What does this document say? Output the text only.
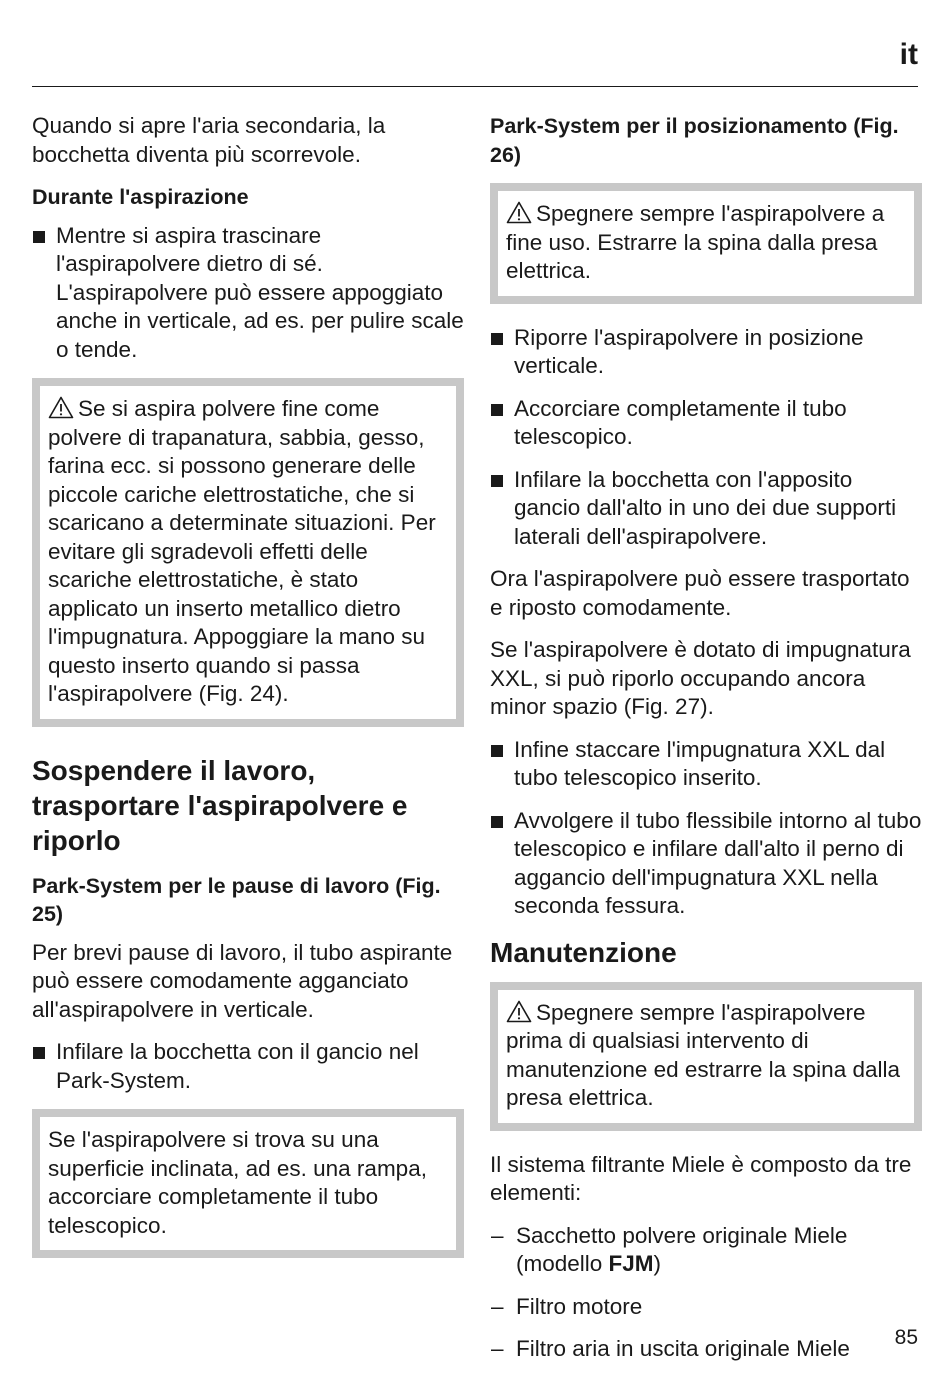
it

Quando si apre l'aria secondaria, la bocchetta diventa più scorrevole.

Durante l'aspirazione
Mentre si aspira trascinare l'aspirapolvere dietro di sé. L'aspirapolvere può essere appoggiato anche in verticale, ad es. per pulire scale o tende.
Se si aspira polvere fine come polvere di trapanatura, sabbia, gesso, farina ecc. si possono generare delle piccole cariche elettrostatiche, che si scaricano a determinate situazioni. Per evitare gli sgradevoli effetti delle scariche elettrostatiche, è stato applicato un inserto metallico dietro l'impugnatura. Appoggiare la mano su questo inserto quando si passa l'aspirapolvere (Fig. 24).
Sospendere il lavoro, trasportare l'aspirapolvere e riporlo
Park-System per le pause di lavoro (Fig. 25)

Per brevi pause di lavoro, il tubo aspirante può essere comodamente agganciato all'aspirapolvere in verticale.

Infilare la bocchetta con il gancio nel Park-System.
Se l'aspirapolvere si trova su una superficie inclinata, ad es. una rampa, accorciare completamente il tubo telescopico.
Park-System per il posizionamento (Fig. 26)
Spegnere sempre l'aspirapolvere a fine uso. Estrarre la spina dalla presa elettrica.
Riporre l'aspirapolvere in posizione verticale.
Accorciare completamente il tubo telescopico.
Infilare la bocchetta con l'apposito gancio dall'alto in uno dei due supporti laterali dell'aspirapolvere.

Ora l'aspirapolvere può essere trasportato e riposto comodamente.

Se l'aspirapolvere è dotato di impugnatura XXL, si può riporlo occupando ancora minor spazio (Fig. 27).

Infine staccare l'impugnatura XXL dal tubo telescopico inserito.
Avvolgere il tubo flessibile intorno al tubo telescopico e infilare dall'alto il perno di aggancio dell'impugnatura XXL nella seconda fessura.
Manutenzione
Spegnere sempre l'aspirapolvere prima di qualsiasi intervento di manutenzione ed estrarre la spina dalla presa elettrica.

Il sistema filtrante Miele è composto da tre elementi:

– Sacchetto polvere originale Miele (modello FJM)
– Filtro motore
– Filtro aria in uscita originale Miele	85
